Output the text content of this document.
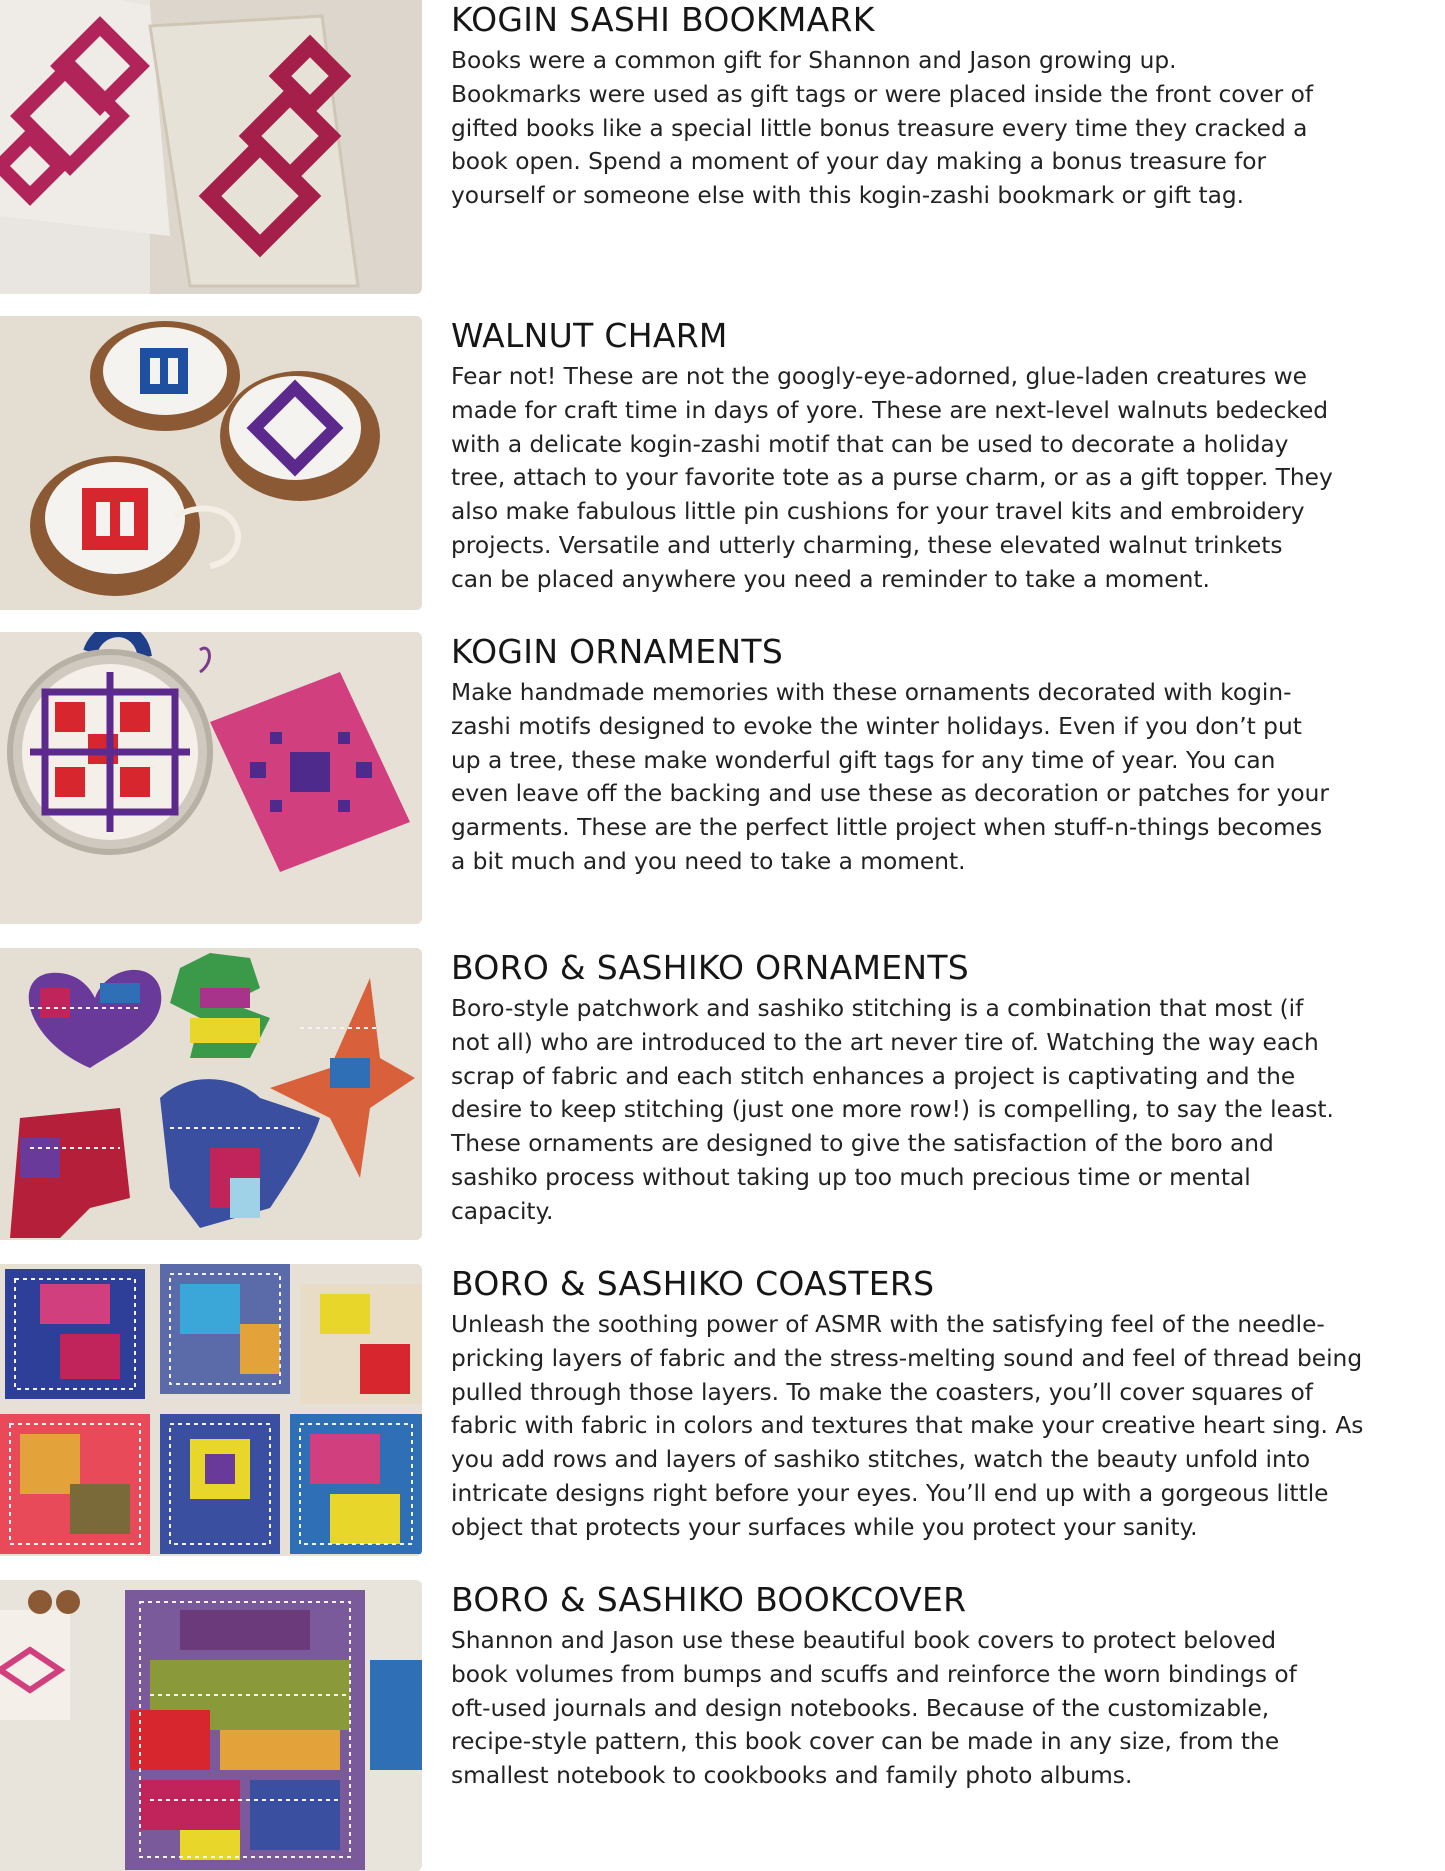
KOGIN SASHI BOOKMARK

Books were a common gift for Shannon and Jason growing up.
Bookmarks were used as gift tags or were placed inside the front cover of
gifted books like a special little bonus treasure every time they cracked a
book open. Spend a moment of your day making a bonus treasure for
yourself or someone else with this kogin-zashi bookmark or gift tag.

WALNUT CHARM

Fear not! These are not the googly-eye-adorned, glue-laden creatures we
made for craft time in days of yore. These are next-level walnuts bedecked
with a delicate kogin-zashi motif that can be used to decorate a holiday
tree, attach to your favorite tote as a purse charm, or as a gift topper. They
also make fabulous little pin cushions for your travel kits and embroidery
projects. Versatile and utterly charming, these elevated walnut trinkets
can be placed anywhere you need a reminder to take a moment.

KOGIN ORNAMENTS

Make handmade memories with these ornaments decorated with kogin-
zashi motifs designed to evoke the winter holidays. Even if you don’t put
up a tree, these make wonderful gift tags for any time of year. You can
even leave off the backing and use these as decoration or patches for your
garments. These are the perfect little project when stuff-n-things becomes
a bit much and you need to take a moment.

BORO & SASHIKO ORNAMENTS

Boro-style patchwork and sashiko stitching is a combination that most (if
not all) who are introduced to the art never tire of. Watching the way each
scrap of fabric and each stitch enhances a project is captivating and the
desire to keep stitching (just one more row!) is compelling, to say the least.
These ornaments are designed to give the satisfaction of the boro and
sashiko process without taking up too much precious time or mental
capacity.

BORO & SASHIKO COASTERS

Unleash the soothing power of ASMR with the satisfying feel of the needle-
pricking layers of fabric and the stress-melting sound and feel of thread being
pulled through those layers. To make the coasters, you’ll cover squares of
fabric with fabric in colors and textures that make your creative heart sing. As
you add rows and layers of sashiko stitches, watch the beauty unfold into
intricate designs right before your eyes. You’ll end up with a gorgeous little
object that protects your surfaces while you protect your sanity.

BORO & SASHIKO BOOKCOVER

Shannon and Jason use these beautiful book covers to protect beloved
book volumes from bumps and scuffs and reinforce the worn bindings of
oft-used journals and design notebooks. Because of the customizable,
recipe-style pattern, this book cover can be made in any size, from the
smallest notebook to cookbooks and family photo albums.
